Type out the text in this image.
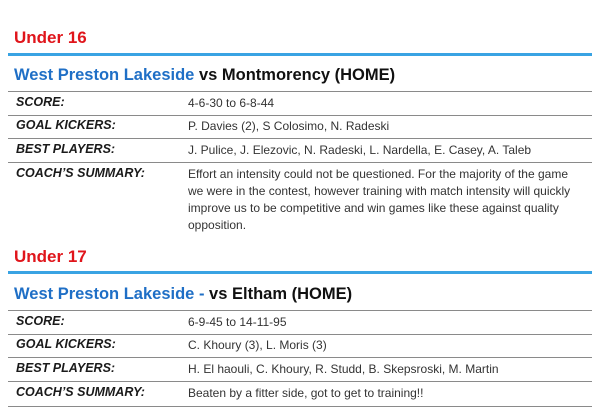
Under 16
West Preston Lakeside vs Montmorency (HOME)
SCORE:	4-6-30 to 6-8-44
GOAL KICKERS:	P. Davies (2), S Colosimo, N. Radeski
BEST PLAYERS:	J. Pulice, J. Elezovic, N. Radeski, L. Nardella, E. Casey, A. Taleb
COACH’S SUMMARY:	Effort an intensity could not be questioned. For the majority of the game we were in the contest, however training with match intensity will quickly improve us to be competitive and win games like these against quality opposition.
Under 17
West Preston Lakeside - vs Eltham (HOME)
SCORE:	6-9-45 to 14-11-95
GOAL KICKERS:	C. Khoury (3), L. Moris (3)
BEST PLAYERS:	H. El haouli, C. Khoury, R. Studd, B. Skepsroski, M. Martin
COACH’S SUMMARY:	Beaten by a fitter side, got to get to training!!
